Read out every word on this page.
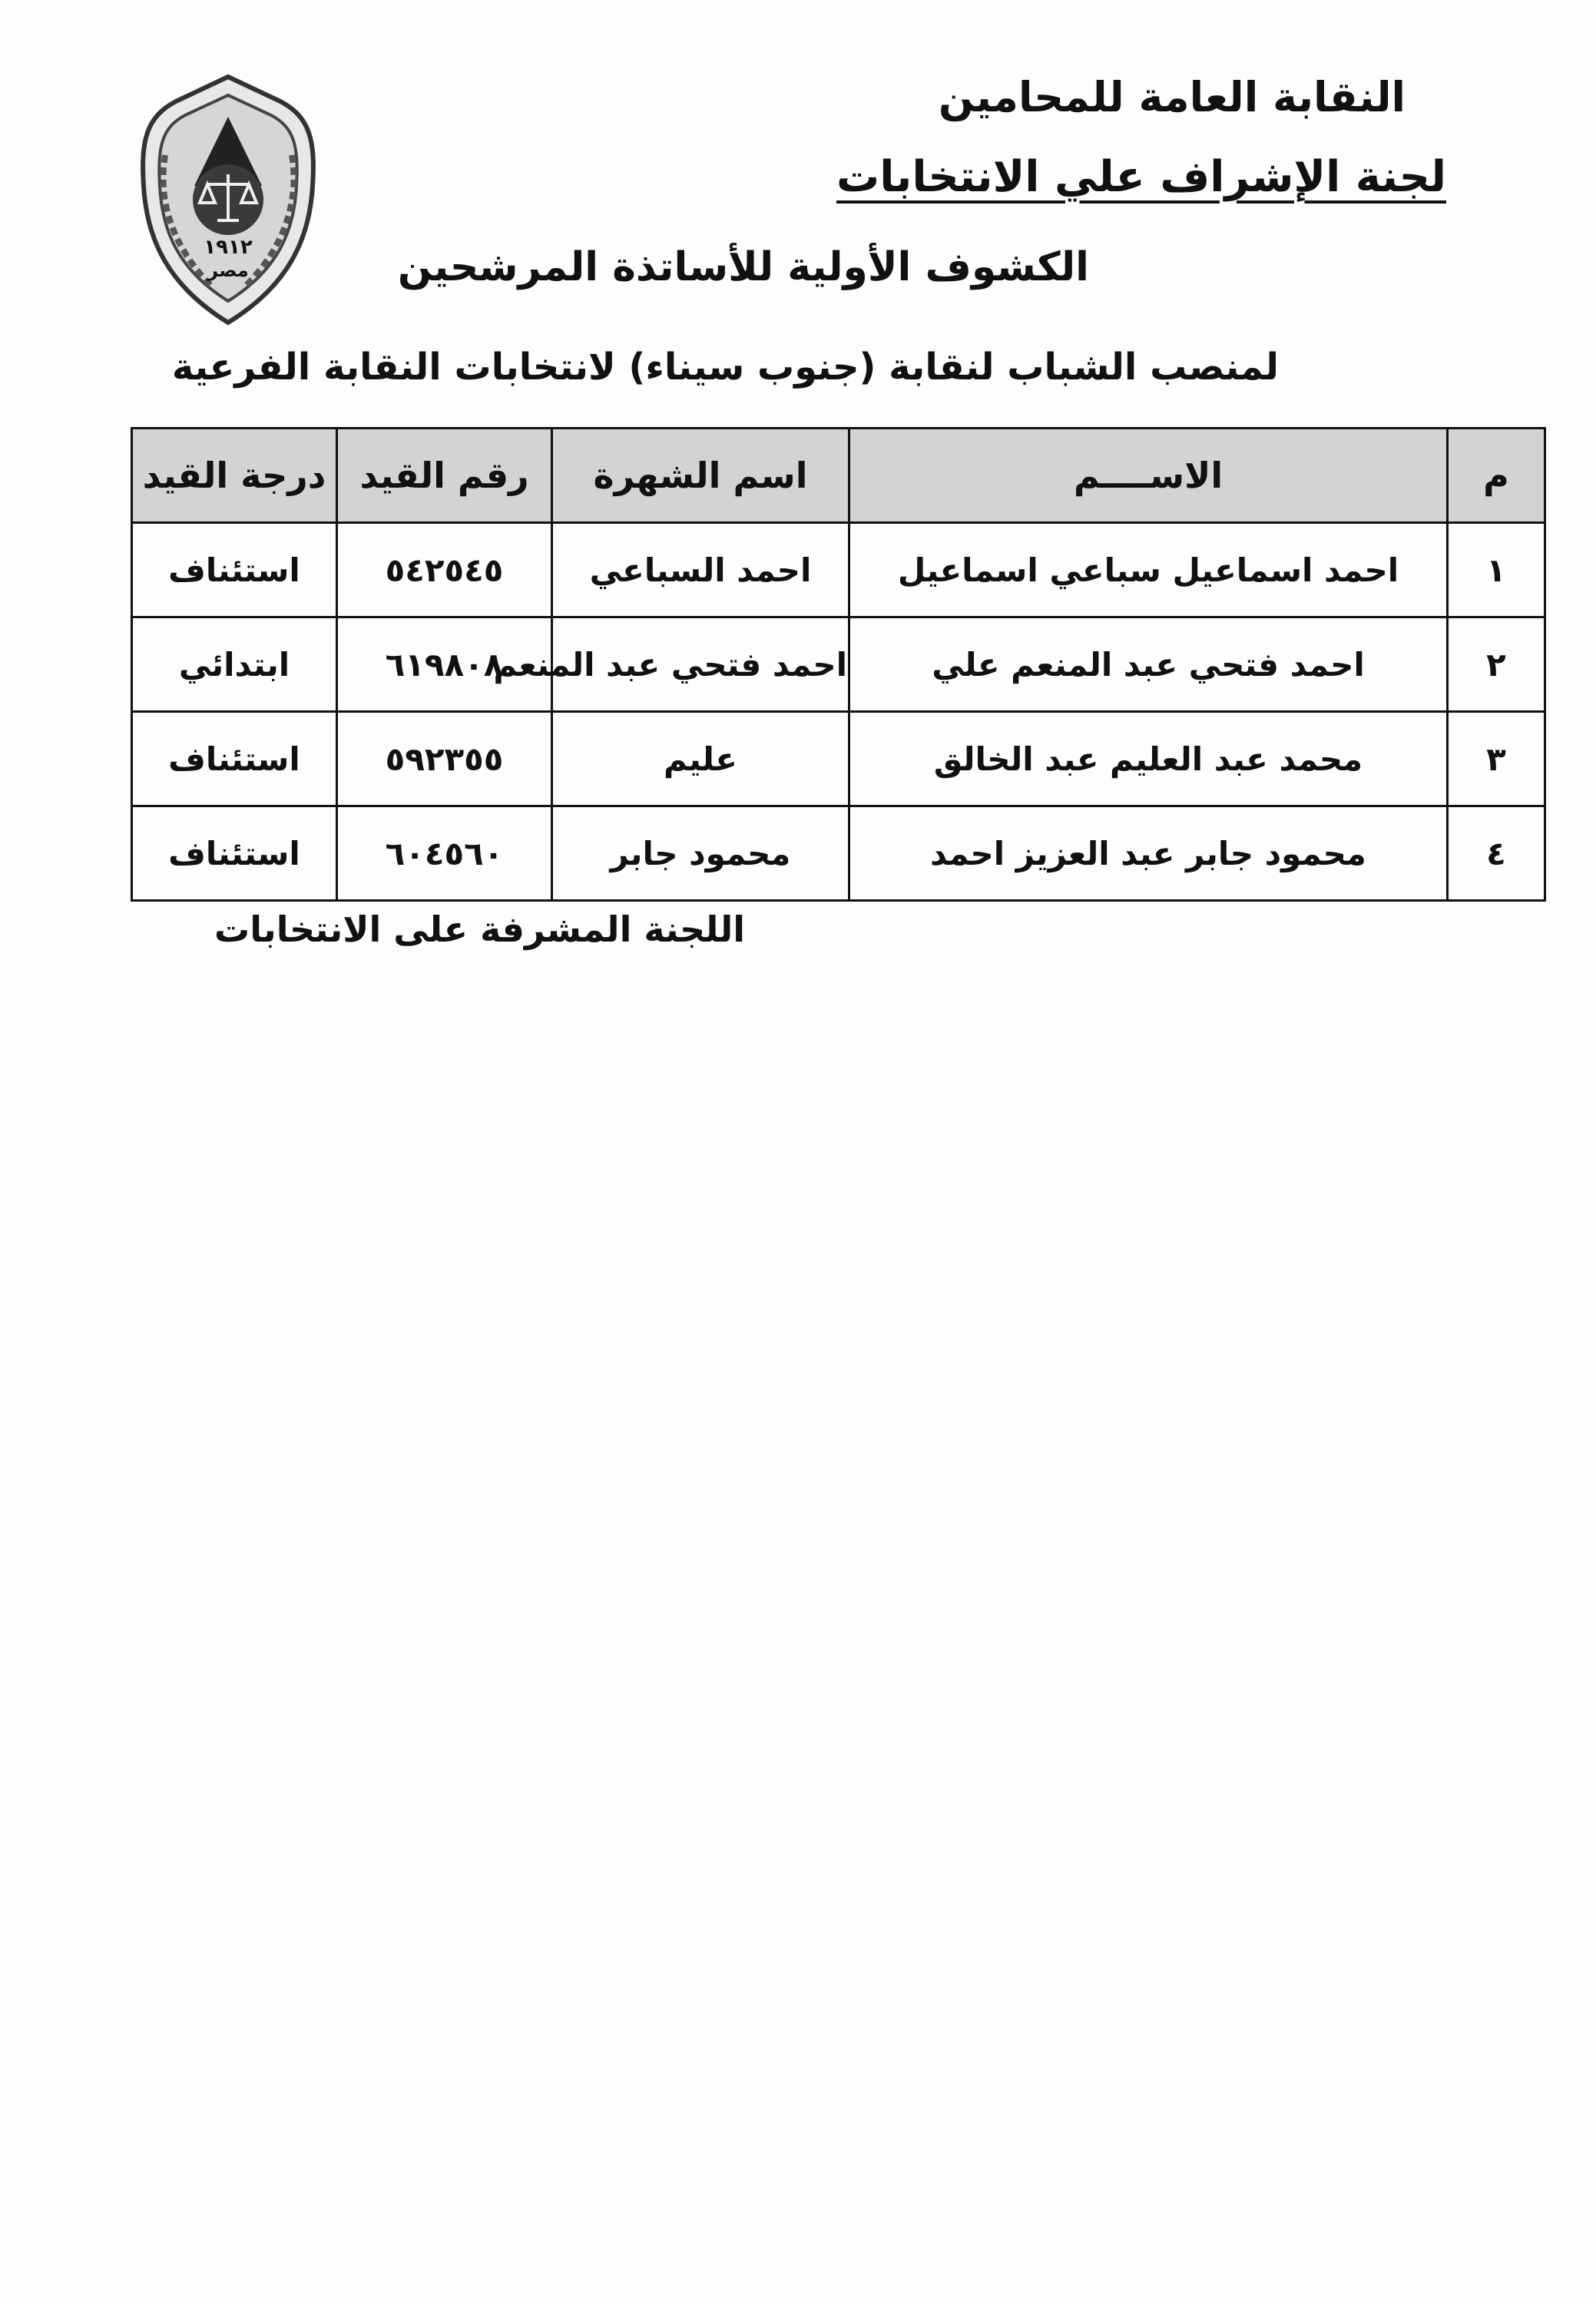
١٩١٢
مصر
النقابة العامة للمحامين
لجنة الإشراف علي الانتخابات
الكشوف الأولية للأساتذة المرشحين
لمنصب الشباب لنقابة (جنوب سيناء) لانتخابات النقابة الفرعية
م	الاســــم	اسم الشهرة	رقم القيد	درجة القيد
١	احمد اسماعيل سباعي اسماعيل	احمد السباعي	٥٤٢٥٤٥	استئناف
٢	احمد فتحي عبد المنعم علي	احمد فتحي عبد المنعم	٦١٩٨٠٨	ابتدائي
٣	محمد عبد العليم عبد الخالق	عليم	٥٩٢٣٥٥	استئناف
٤	محمود جابر عبد العزيز احمد	محمود جابر	٦٠٤٥٦٠	استئناف
اللجنة المشرفة على الانتخابات
